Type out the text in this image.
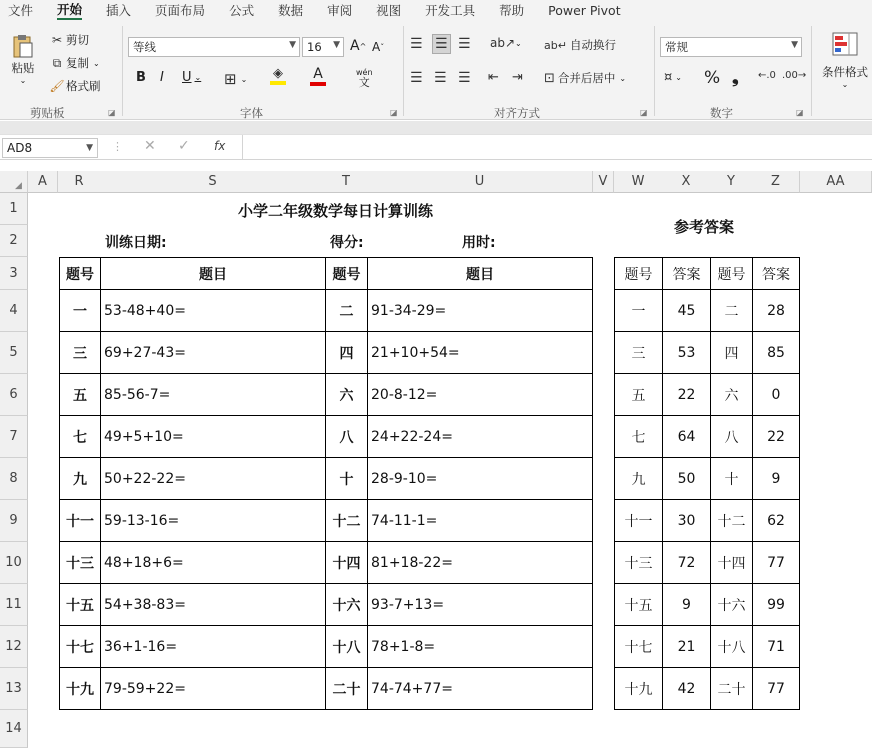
文件 开始 插入 页面布局 公式 数据 审阅 视图 开发工具 帮助 Power Pivot
粘贴
⌄
✂ 剪切
⧉ 复制 ⌄
🖌 格式刷
剪贴板	◪
等线	▼ 16 ▼ A ^ A ˇ
B I U ⌄ ⊞ ⌄ ◈ A	wén
文
字体	◪
☰ ☰ ☰ ab↗ ⌄ ab↵ 自动换行
☰ ☰ ☰ ⇤ ⇥ ⊡ 合并后居中 ⌄
对齐方式	◪
常规	▼
¤ ⌄ % ❟ ←.0 .00→
数字	◪
条件格式
⌄
AD8	▼ ⋮ ✕ ✓ fx
◢	A	R	S	T	U	V	W	X	Y	Z	AA
1
2
3
4
5
6
7
8
9
10
11
12
13
14
小学二年级数学每日计算训练
训练日期:	得分:	用时:
参考答案
题号	题目	题号	题目	题号 答案 题号 答案
一 53-48+40=	二 91-34-29=	一 45 二 28
三 69+27-43=	四 21+10+54=	三 53 四 85
五 85-56-7=	六 20-8-12=	五 22 六 0
七 49+5+10=	八 24+22-24=	七 64 八 22
九 50+22-22=	十 28-9-10=	九 50 十 9
十一 59-13-16=	十二 74-11-1=	十一 30 十二 62
十三 48+18+6=	十四 81+18-22=	十三 72 十四 77
十五 54+38-83=	十六 93-7+13=	十五 9 十六 99
十七 36+1-16=	十八 78+1-8=	十七 21 十八 71
十九 79-59+22=	二十 74-74+77=	十九 42 二十 77
